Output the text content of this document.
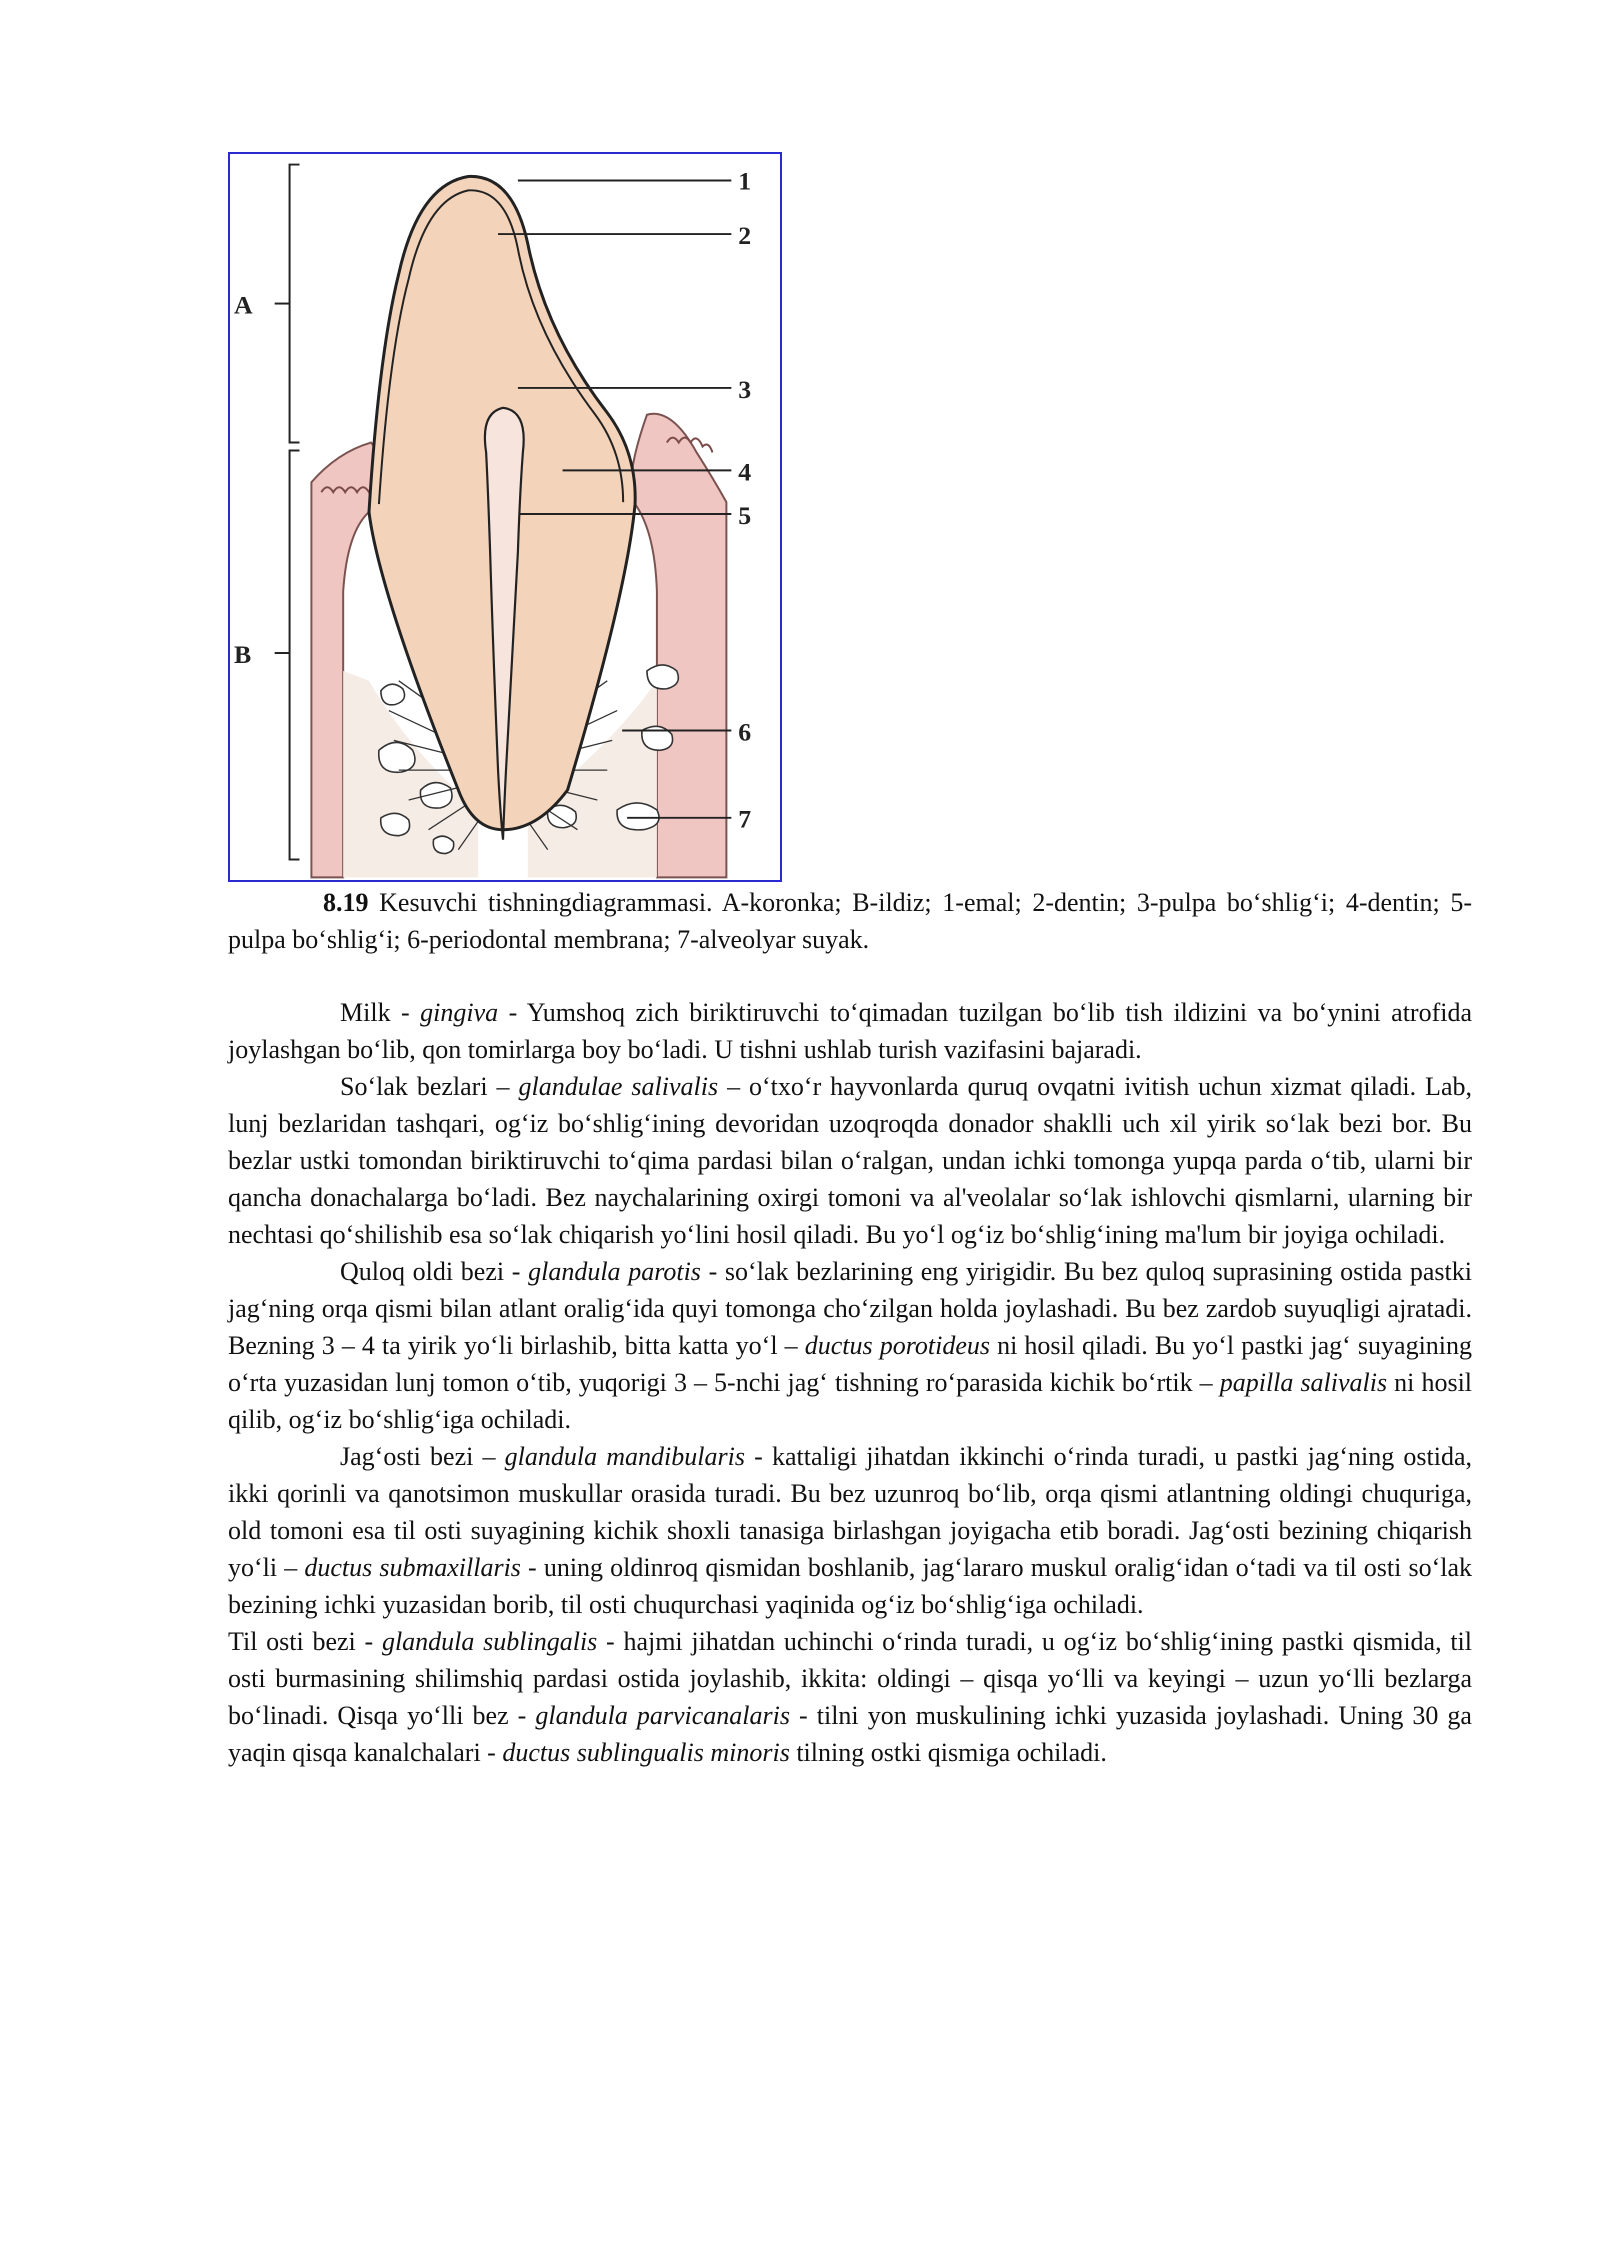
A
B
1
2
3
4
5
6
7

8.19 Kesuvchi tishningdiagrammasi. A-koronka; B-ildiz; 1-emal; 2-dentin; 3-pulpa bo‘shlig‘i; 4-dentin; 5-pulpa bo‘shlig‘i; 6-periodontal membrana; 7-alveolyar suyak.

Milk - gingiva - Yumshoq zich biriktiruvchi to‘qimadan tuzilgan bo‘lib tish ildizini va bo‘ynini atrofida joylashgan bo‘lib, qon tomirlarga boy bo‘ladi. U tishni ushlab turish vazifasini bajaradi.

So‘lak bezlari – glandulae salivalis – o‘txo‘r hayvonlarda quruq ovqatni ivitish uchun xizmat qiladi. Lab, lunj bezlaridan tashqari, og‘iz bo‘shlig‘ining devoridan uzoqroqda donador shaklli uch xil yirik so‘lak bezi bor. Bu bezlar ustki tomondan biriktiruvchi to‘qima pardasi bilan o‘ralgan, undan ichki tomonga yupqa parda o‘tib, ularni bir qancha donachalarga bo‘ladi. Bez naychalarining oxirgi tomoni va al'veolalar so‘lak ishlovchi qismlarni, ularning bir nechtasi qo‘shilishib esa so‘lak chiqarish yo‘lini hosil qiladi. Bu yo‘l og‘iz bo‘shlig‘ining ma'lum bir joyiga ochiladi.

Quloq oldi bezi - glandula parotis - so‘lak bezlarining eng yirigidir. Bu bez quloq suprasining ostida pastki jag‘ning orqa qismi bilan atlant oralig‘ida quyi tomonga cho‘zilgan holda joylashadi. Bu bez zardob suyuqligi ajratadi. Bezning 3 – 4 ta yirik yo‘li birlashib, bitta katta yo‘l – ductus porotideus ni hosil qiladi. Bu yo‘l pastki jag‘ suyagining o‘rta yuzasidan lunj tomon o‘tib, yuqorigi 3 – 5-nchi jag‘ tishning ro‘parasida kichik bo‘rtik – papilla salivalis ni hosil qilib, og‘iz bo‘shlig‘iga ochiladi.

Jag‘osti bezi – glandula mandibularis - kattaligi jihatdan ikkinchi o‘rinda turadi, u pastki jag‘ning ostida, ikki qorinli va qanotsimon muskullar orasida turadi. Bu bez uzunroq bo‘lib, orqa qismi atlantning oldingi chuquriga, old tomoni esa til osti suyagining kichik shoxli tanasiga birlashgan joyigacha etib boradi. Jag‘osti bezining chiqarish yo‘li – ductus submaxillaris - uning oldinroq qismidan boshlanib, jag‘lararo muskul oralig‘idan o‘tadi va til osti so‘lak bezining ichki yuzasidan borib, til osti chuqurchasi yaqinida og‘iz bo‘shlig‘iga ochiladi.

Til osti bezi - glandula sublingalis - hajmi jihatdan uchinchi o‘rinda turadi, u og‘iz bo‘shlig‘ining pastki qismida, til osti burmasining shilimshiq pardasi ostida joylashib, ikkita: oldingi – qisqa yo‘lli va keyingi – uzun yo‘lli bezlarga bo‘linadi. Qisqa yo‘lli bez - glandula parvicanalaris - tilni yon muskulining ichki yuzasida joylashadi. Uning 30 ga yaqin qisqa kanalchalari - ductus sublingualis minoris tilning ostki qismiga ochiladi.
